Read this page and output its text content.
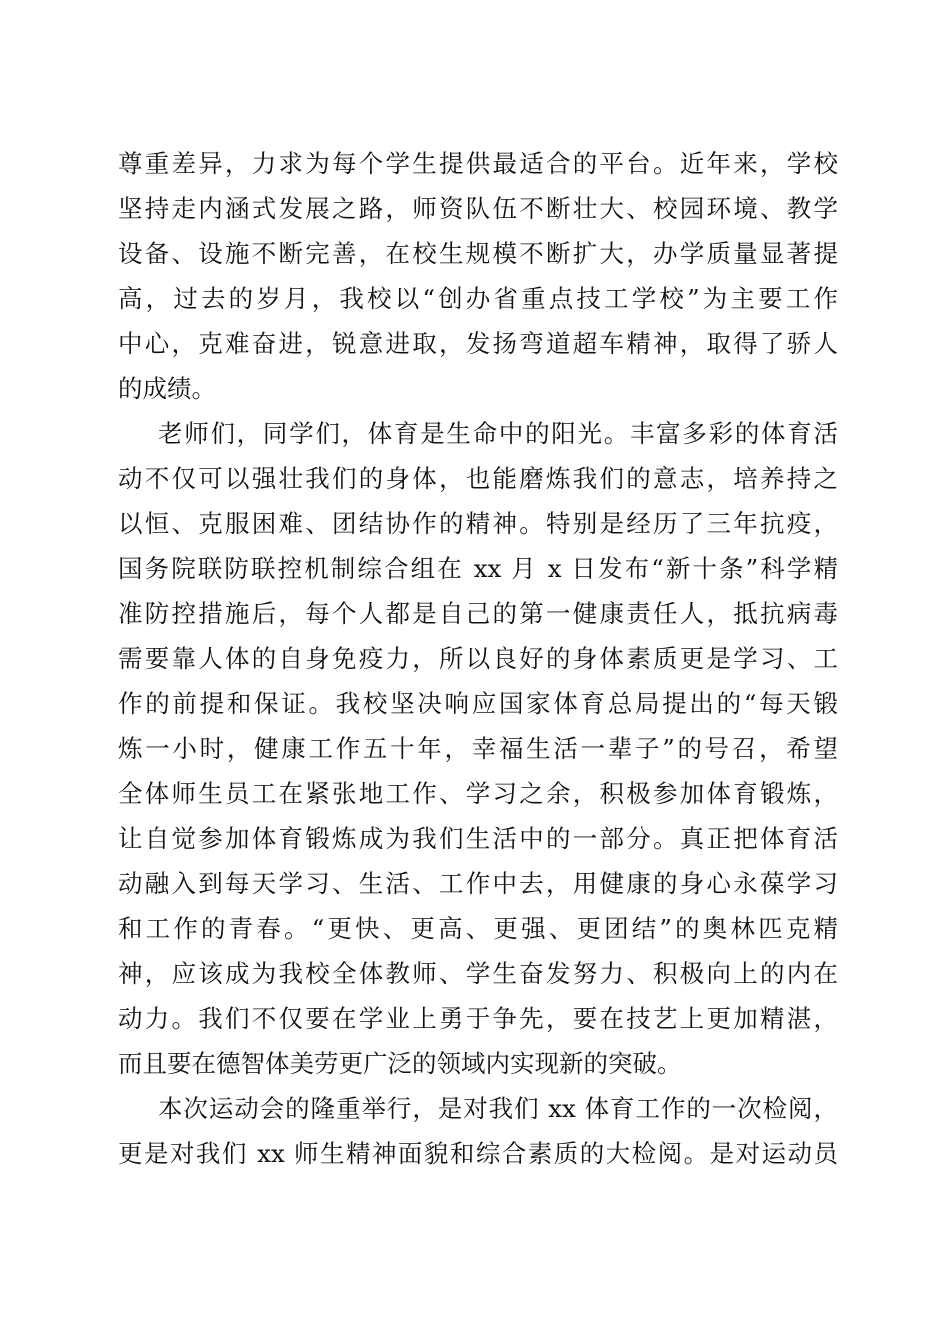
尊重差异，力求为每个学生提供最适合的平台。近年来，学校
坚持走内涵式发展之路，师资队伍不断壮大、校园环境、教学
设备、设施不断完善，在校生规模不断扩大，办学质量显著提
高，过去的岁月，我校以“创办省重点技工学校”为主要工作
中心，克难奋进，锐意进取，发扬弯道超车精神，取得了骄人
的成绩。
老师们，同学们，体育是生命中的阳光。丰富多彩的体育活
动不仅可以强壮我们的身体，也能磨炼我们的意志，培养持之
以恒、克服困难、团结协作的精神。特别是经历了三年抗疫，
国务院联防联控机制综合组在 xx 月 x 日发布“新十条”科学精
准防控措施后，每个人都是自己的第一健康责任人，抵抗病毒
需要靠人体的自身免疫力，所以良好的身体素质更是学习、工
作的前提和保证。我校坚决响应国家体育总局提出的“每天锻
炼一小时，健康工作五十年，幸福生活一辈子”的号召，希望
全体师生员工在紧张地工作、学习之余，积极参加体育锻炼，
让自觉参加体育锻炼成为我们生活中的一部分。真正把体育活
动融入到每天学习、生活、工作中去，用健康的身心永葆学习
和工作的青春。“更快、更高、更强、更团结”的奥林匹克精
神，应该成为我校全体教师、学生奋发努力、积极向上的内在
动力。我们不仅要在学业上勇于争先，要在技艺上更加精湛，
而且要在德智体美劳更广泛的领域内实现新的突破。
本次运动会的隆重举行，是对我们 xx 体育工作的一次检阅，
更是对我们 xx 师生精神面貌和综合素质的大检阅。是对运动员
